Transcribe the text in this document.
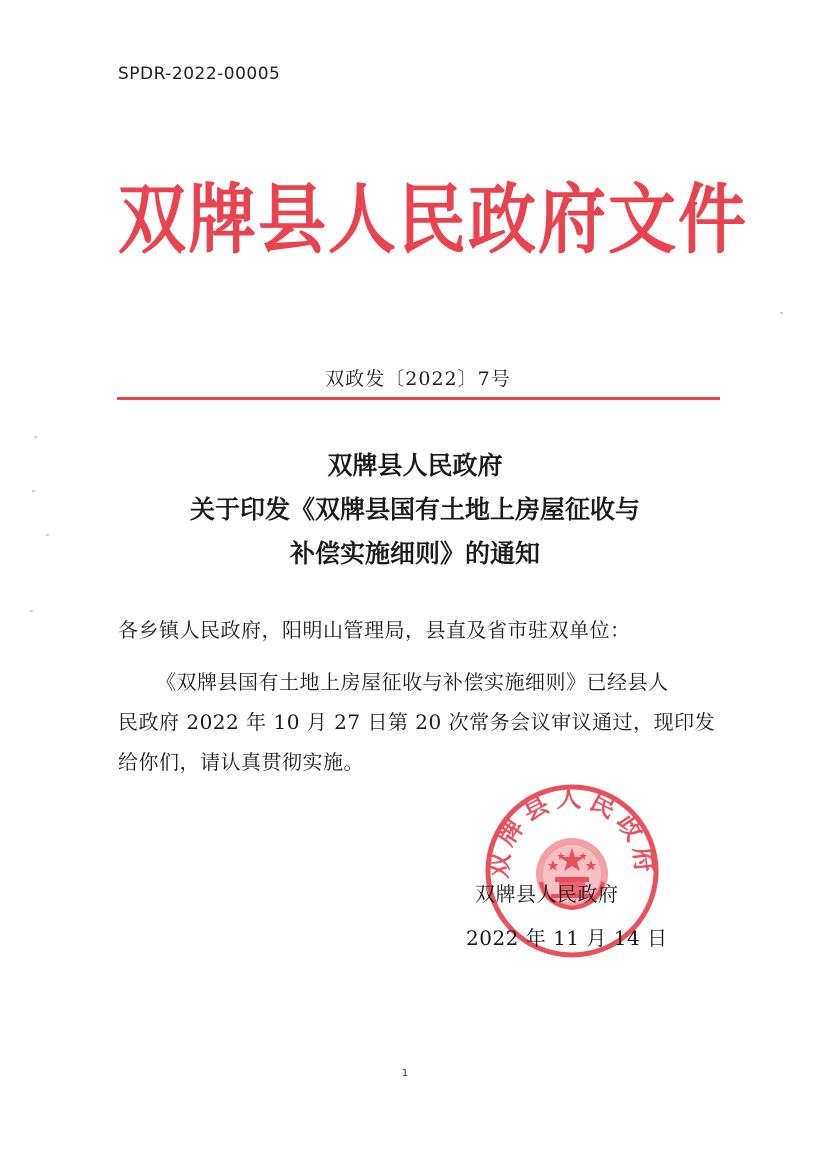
SPDR-2022-00005
双牌县人民政府文件
双政发〔2022〕7号
双牌县人民政府
关于印发《双牌县国有土地上房屋征收与
补偿实施细则》的通知
各乡镇人民政府，阳明山管理局，县直及省市驻双单位：
《双牌县国有土地上房屋征收与补偿实施细则》已经县人
民政府 2022 年 10 月 27 日第 20 次常务会议审议通过，现印发
给你们，请认真贯彻实施。
双牌县人民政府
双牌县人民政府
2022 年 11 月 14 日
1
